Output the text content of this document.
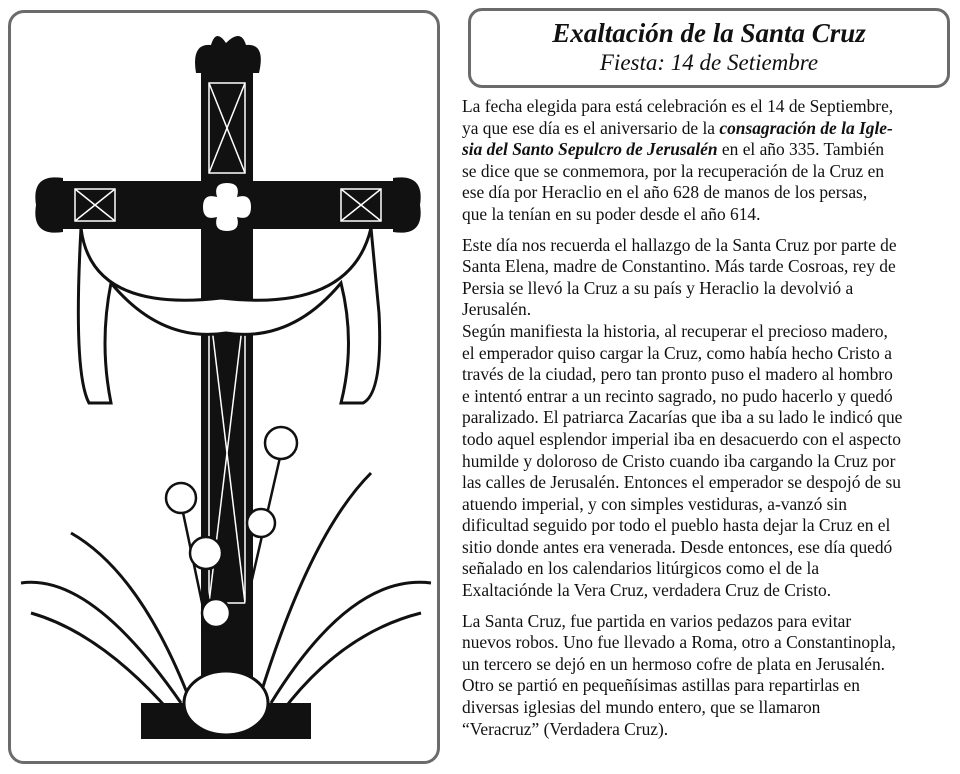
Exaltación de la Santa Cruz
Fiesta: 14 de Setiembre
La fecha elegida para está celebración es el 14 de Septiembre,
ya que ese día es el aniversario de la consagración de la Igle-
sia del Santo Sepulcro de Jerusalén en el año 335. También
se dice que se conmemora, por la recuperación de la Cruz en
ese día por Heraclio en el año 628 de manos de los persas,
que la tenían en su poder desde el año 614.
Este día nos recuerda el hallazgo de la Santa Cruz por parte de
Santa Elena, madre de Constantino. Más tarde Cosroas, rey de
Persia se llevó la Cruz a su país y Heraclio la devolvió a
Jerusalén.
Según manifiesta la historia, al recuperar el precioso madero,
el emperador quiso cargar la Cruz, como había hecho Cristo a
través de la ciudad, pero tan pronto puso el madero al hombro
e intentó entrar a un recinto sagrado, no pudo hacerlo y quedó
paralizado. El patriarca Zacarías que iba a su lado le indicó que
todo aquel esplendor imperial iba en desacuerdo con el aspecto
humilde y doloroso de Cristo cuando iba cargando la Cruz por
las calles de Jerusalén. Entonces el emperador se despojó de su
atuendo imperial, y con simples vestiduras, a-vanzó sin
dificultad seguido por todo el pueblo hasta dejar la Cruz en el
sitio donde antes era venerada. Desde entonces, ese día quedó
señalado en los calendarios litúrgicos como el de la
Exaltaciónde la Vera Cruz, verdadera Cruz de Cristo.
La Santa Cruz, fue partida en varios pedazos para evitar
nuevos robos. Uno fue llevado a Roma, otro a Constantinopla,
un tercero se dejó en un hermoso cofre de plata en Jerusalén.
Otro se partió en pequeñísimas astillas para repartirlas en
diversas iglesias del mundo entero, que se llamaron
“Veracruz” (Verdadera Cruz).
